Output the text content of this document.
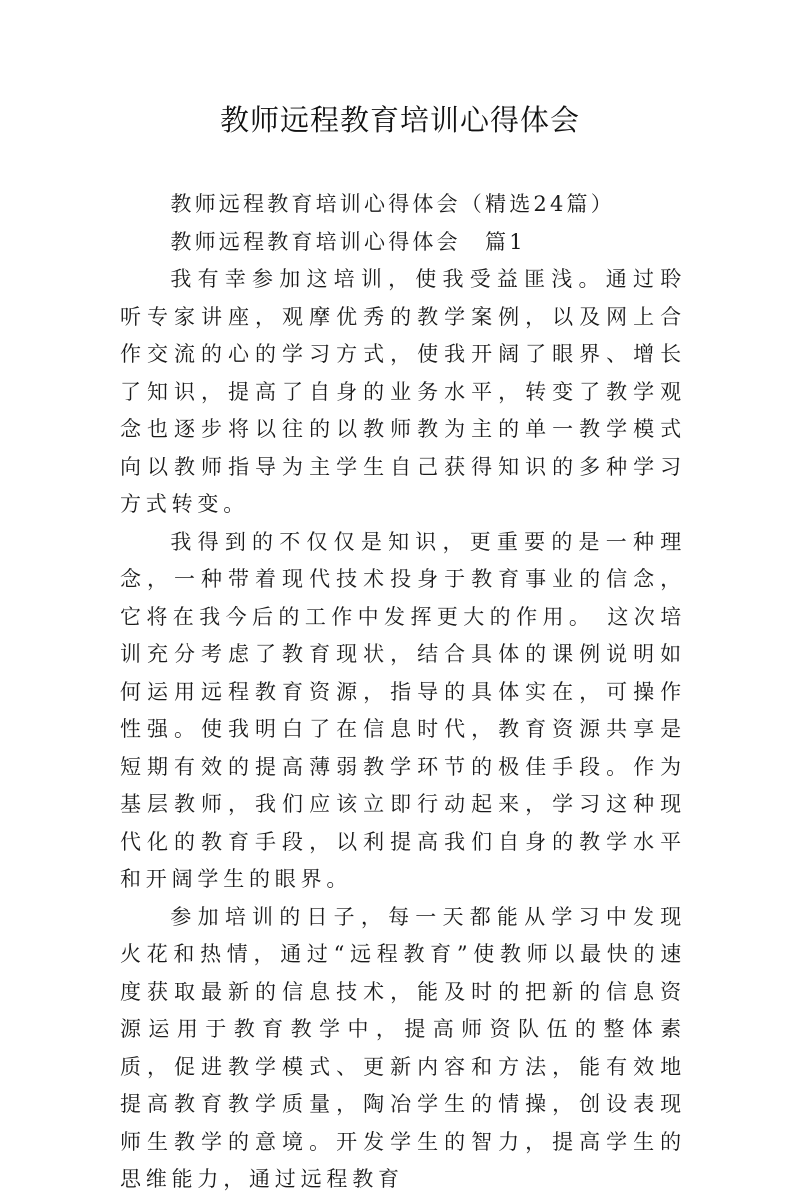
教师远程教育培训心得体会

教师远程教育培训心得体会（精选24篇）

教师远程教育培训心得体会　篇1

我有幸参加这培训，使我受益匪浅。通过聆听专家讲座，观摩优秀的教学案例，以及网上合作交流的心的学习方式，使我开阔了眼界、增长了知识，提高了自身的业务水平，转变了教学观念也逐步将以往的以教师教为主的单一教学模式向以教师指导为主学生自己获得知识的多种学习方式转变。

我得到的不仅仅是知识，更重要的是一种理念，一种带着现代技术投身于教育事业的信念，它将在我今后的工作中发挥更大的作用。 这次培训充分考虑了教育现状，结合具体的课例说明如何运用远程教育资源，指导的具体实在，可操作性强。使我明白了在信息时代，教育资源共享是短期有效的提高薄弱教学环节的极佳手段。作为基层教师，我们应该立即行动起来，学习这种现代化的教育手段，以利提高我们自身的教学水平和开阔学生的眼界。

参加培训的日子，每一天都能从学习中发现火花和热情，通过“远程教育”使教师以最快的速度获取最新的信息技术，能及时的把新的信息资源运用于教育教学中，提高师资队伍的整体素质，促进教学模式、更新内容和方法，能有效地提高教育教学质量，陶冶学生的情操，创设表现师生教学的意境。开发学生的智力，提高学生的思维能力，通过远程教育
